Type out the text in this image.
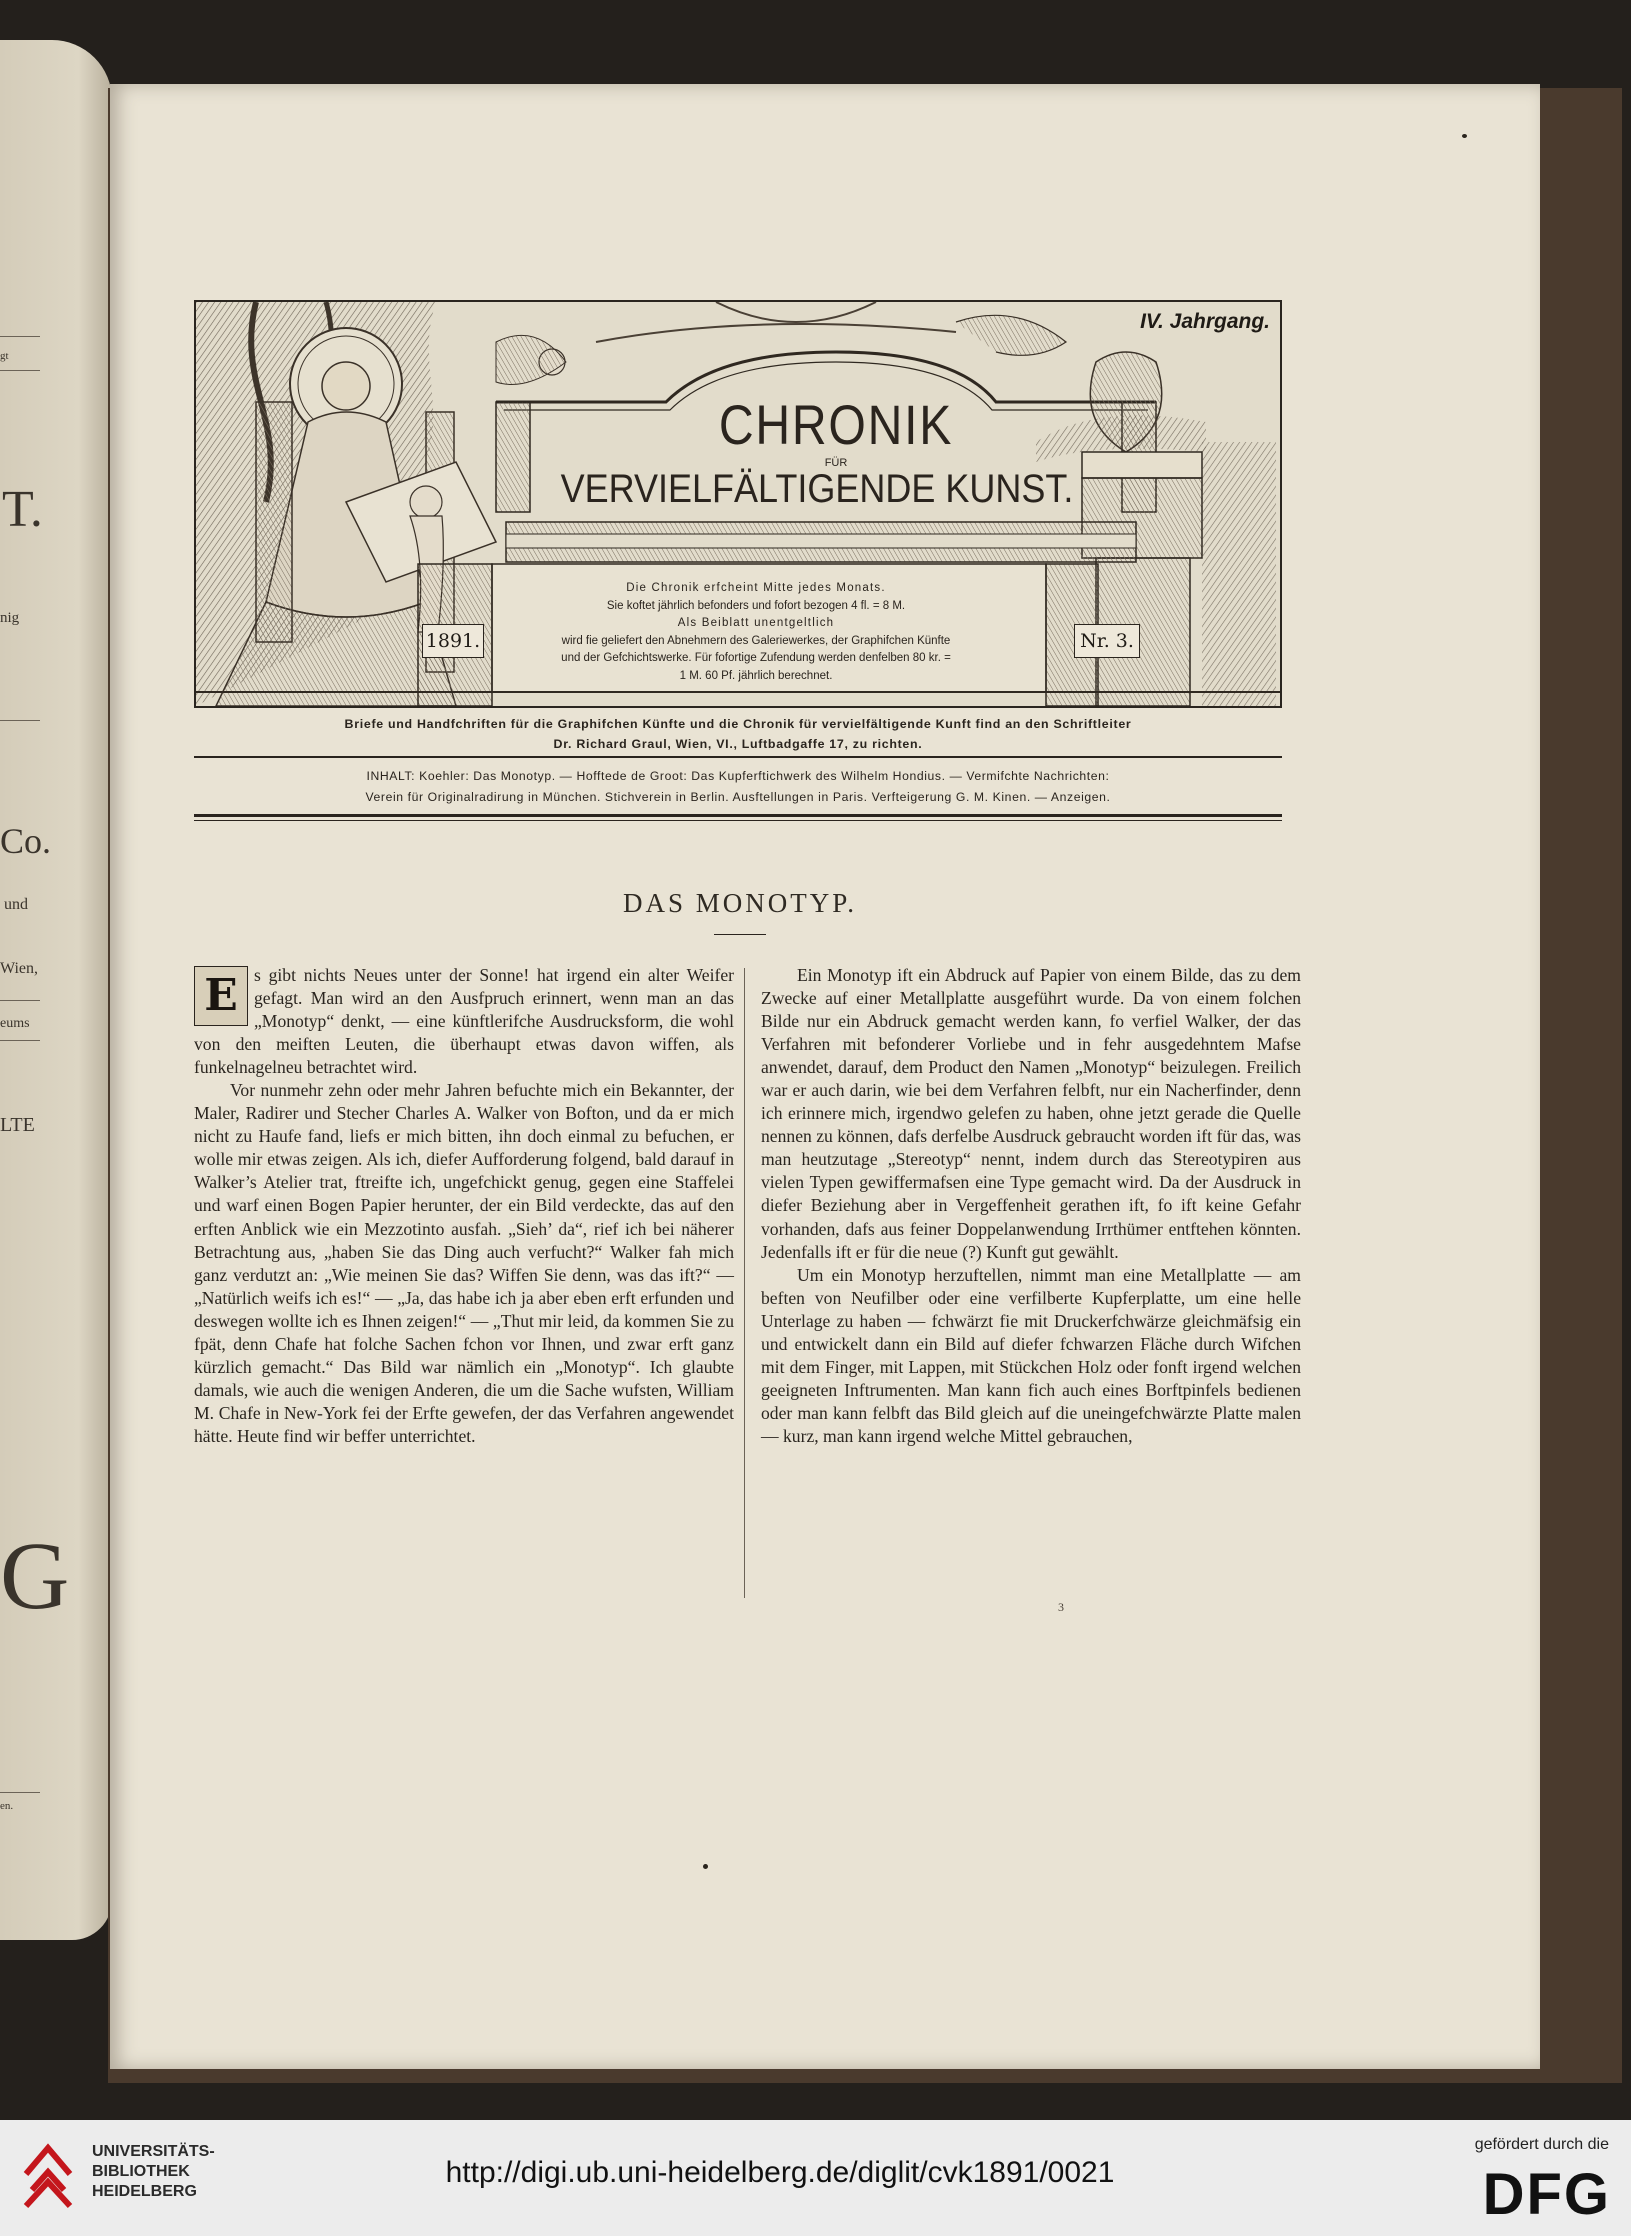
gt
T.
nig
Co.
und
Wien,
eums
LTE
G
en.
IV. Jahrgang.
CHRONIK
FÜR
VERVIELFÄLTIGENDE KUNST.
Die Chronik erfcheint Mitte jedes Monats.
Sie koftet jährlich befonders und fofort bezogen 4 fl. = 8 M.
Als Beiblatt unentgeltlich
wird fie geliefert den Abnehmern des Galeriewerkes, der Graphifchen Künfte
und der Gefchichtswerke. Für fofortige Zufendung werden denfelben 80 kr. =
1 M. 60 Pf. jährlich berechnet.
1891.	Nr. 3.
Briefe und Handfchriften für die Graphifchen Künfte und die Chronik für vervielfältigende Kunft find an den Schriftleiter
Dr. Richard Graul, Wien, VI., Luftbadgaffe 17, zu richten.
INHALT: Koehler: Das Monotyp. — Hofftede de Groot: Das Kupferftichwerk des Wilhelm Hondius. — Vermifchte Nachrichten:
Verein für Originalradirung in München. Stichverein in Berlin. Ausftellungen in Paris. Verfteigerung G. M. Kinen. — Anzeigen.
DAS MONOTYP.

E s gibt nichts Neues unter der Sonne! hat irgend ein alter Weifer gefagt. Man wird an den Ausfpruch erinnert, wenn man an das „Monotyp“ denkt, — eine künftlerifche Ausdrucksform, die wohl von den meiften Leuten, die überhaupt etwas davon wiffen, als funkelnagelneu betrachtet wird.

Vor nunmehr zehn oder mehr Jahren befuchte mich ein Bekannter, der Maler, Radirer und Stecher Charles A. Walker von Bofton, und da er mich nicht zu Haufe fand, liefs er mich bitten, ihn doch einmal zu befuchen, er wolle mir etwas zeigen. Als ich, diefer Aufforderung folgend, bald darauf in Walker’s Atelier trat, ftreifte ich, ungefchickt genug, gegen eine Staffelei und warf einen Bogen Papier herunter, der ein Bild verdeckte, das auf den erften Anblick wie ein Mezzotinto ausfah. „Sieh’ da“, rief ich bei näherer Betrachtung aus, „haben Sie das Ding auch verfucht?“ Walker fah mich ganz verdutzt an: „Wie meinen Sie das? Wiffen Sie denn, was das ift?“ — „Natürlich weifs ich es!“ — „Ja, das habe ich ja aber eben erft erfunden und deswegen wollte ich es Ihnen zeigen!“ — „Thut mir leid, da kommen Sie zu fpät, denn Chafe hat folche Sachen fchon vor Ihnen, und zwar erft ganz kürzlich gemacht.“ Das Bild war nämlich ein „Monotyp“. Ich glaubte damals, wie auch die wenigen Anderen, die um die Sache wufsten, William M. Chafe in New-York fei der Erfte gewefen, der das Verfahren angewendet hätte. Heute find wir beffer unterrichtet.

Ein Monotyp ift ein Abdruck auf Papier von einem Bilde, das zu dem Zwecke auf einer Metallplatte ausgeführt wurde. Da von einem folchen Bilde nur ein Abdruck gemacht werden kann, fo verfiel Walker, der das Verfahren mit befonderer Vorliebe und in fehr ausgedehntem Mafse anwendet, darauf, dem Product den Namen „Monotyp“ beizulegen. Freilich war er auch darin, wie bei dem Verfahren felbft, nur ein Nacherfinder, denn ich erinnere mich, irgendwo gelefen zu haben, ohne jetzt gerade die Quelle nennen zu können, dafs derfelbe Ausdruck gebraucht worden ift für das, was man heutzutage „Stereotyp“ nennt, indem durch das Stereotypiren aus vielen Typen gewiffermafsen eine Type gemacht wird. Da der Ausdruck in diefer Beziehung aber in Vergeffenheit gerathen ift, fo ift keine Gefahr vorhanden, dafs aus feiner Doppelanwendung Irrthümer entftehen könnten. Jedenfalls ift er für die neue (?) Kunft gut gewählt.

Um ein Monotyp herzuftellen, nimmt man eine Metallplatte — am beften von Neufilber oder eine verfilberte Kupferplatte, um eine helle Unterlage zu haben — fchwärzt fie mit Druckerfchwärze gleichmäfsig ein und entwickelt dann ein Bild auf diefer fchwarzen Fläche durch Wifchen mit dem Finger, mit Lappen, mit Stückchen Holz oder fonft irgend welchen geeigneten Inftrumenten. Man kann fich auch eines Borftpinfels bedienen oder man kann felbft das Bild gleich auf die uneingefchwärzte Platte malen — kurz, man kann irgend welche Mittel gebrauchen,

3
UNIVERSITÄTS-
BIBLIOTHEK
HEIDELBERG
http://digi.ub.uni-heidelberg.de/diglit/cvk1891/0021
gefördert durch die
DFG
